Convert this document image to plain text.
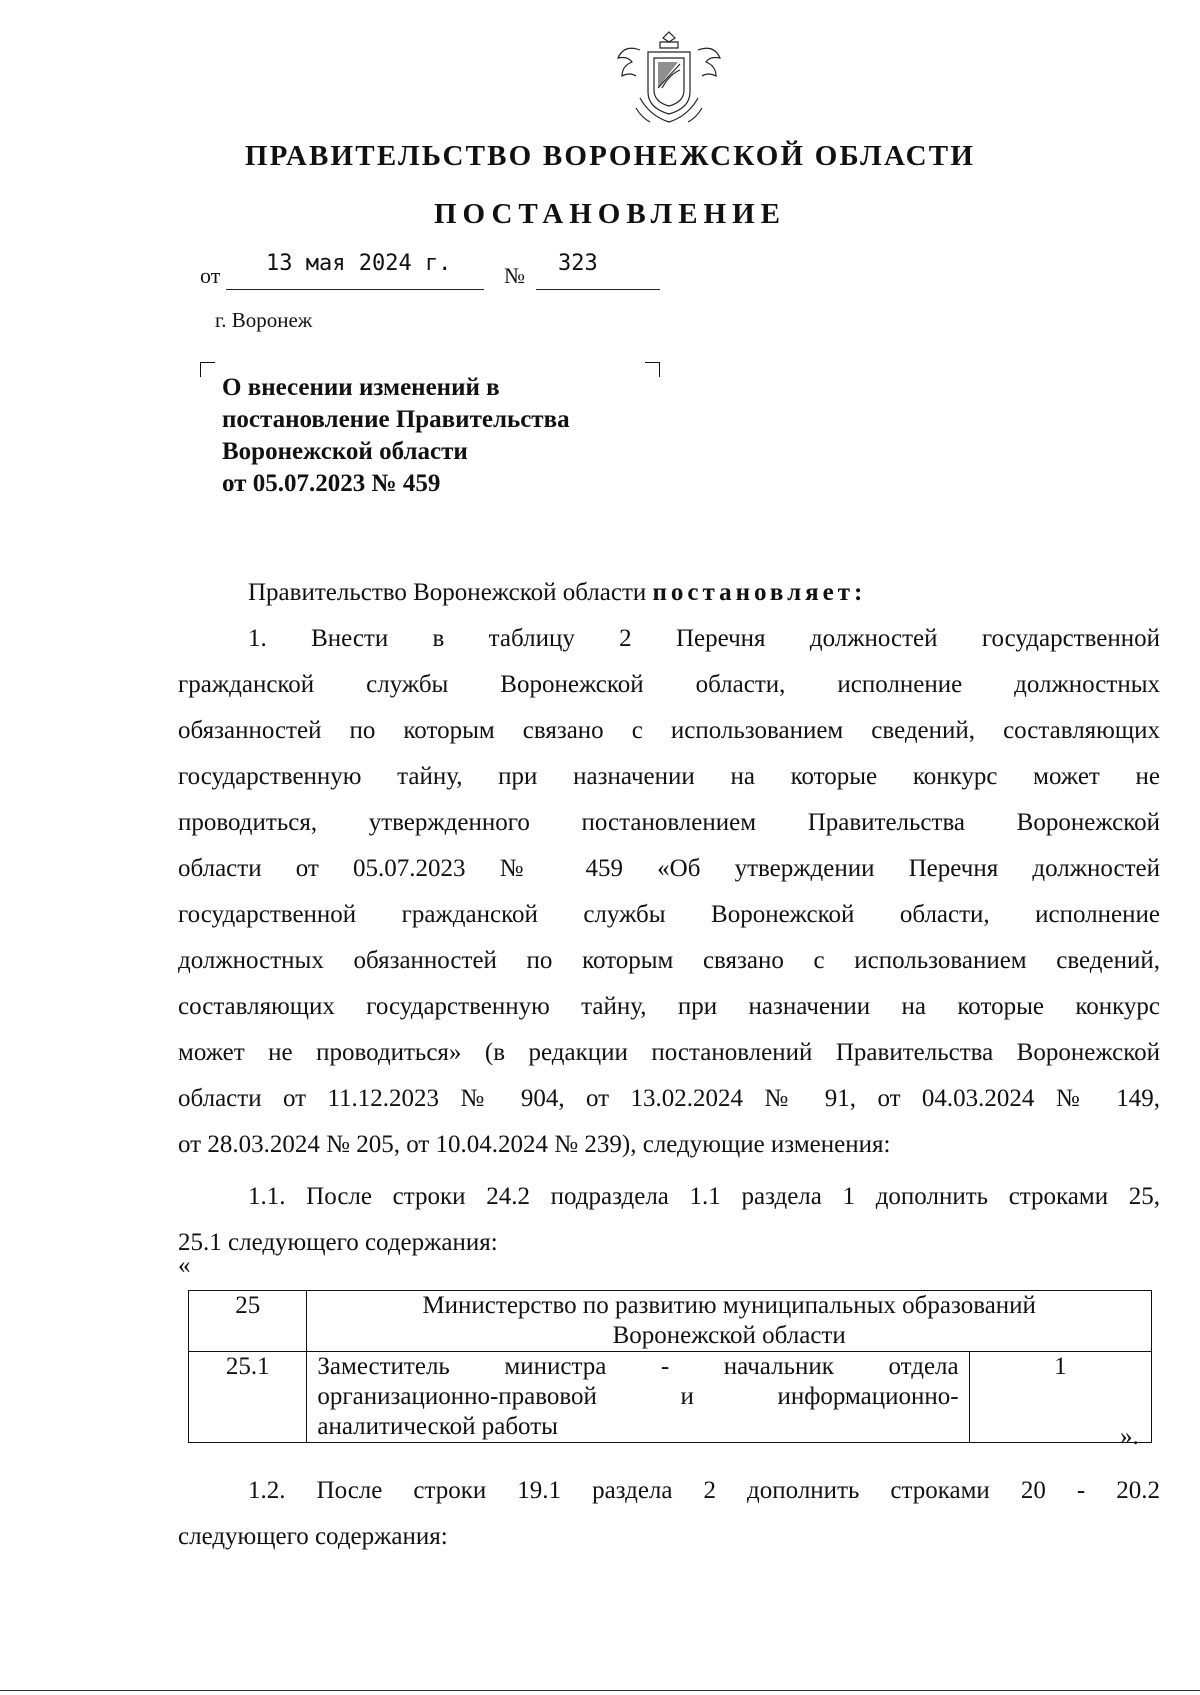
ПРАВИТЕЛЬСТВО ВОРОНЕЖСКОЙ ОБЛАСТИ
ПОСТАНОВЛЕНИЕ
от 13 мая 2024 г. № 323
г. Воронеж
О внесении изменений в
постановление Правительства
Воронежской области
от 05.07.2023 № 459
Правительство Воронежской области постановляет:
1. Внести в таблицу 2 Перечня должностей государственной
гражданской службы Воронежской области, исполнение должностных
обязанностей по которым связано с использованием сведений, составляющих
государственную тайну, при назначении на которые конкурс может не
проводиться, утвержденного постановлением Правительства Воронежской
области от 05.07.2023 № 459 «Об утверждении Перечня должностей
государственной гражданской службы Воронежской области, исполнение
должностных обязанностей по которым связано с использованием сведений,
составляющих государственную тайну, при назначении на которые конкурс
может не проводиться» (в редакции постановлений Правительства Воронежской
области от 11.12.2023 № 904, от 13.02.2024 № 91, от 04.03.2024 № 149,
от 28.03.2024 № 205, от 10.04.2024 № 239), следующие изменения:
1.1. После строки 24.2 подраздела 1.1 раздела 1 дополнить строками 25,
25.1 следующего содержания:
«
25	Министерство по развитию муниципальных образований
Воронежской области	

25.1	Заместитель министра - начальник отдела
организационно-правовой и информационно-
аналитической работы	1
».
1.2. После строки 19.1 раздела 2 дополнить строками 20 - 20.2
следующего содержания:
